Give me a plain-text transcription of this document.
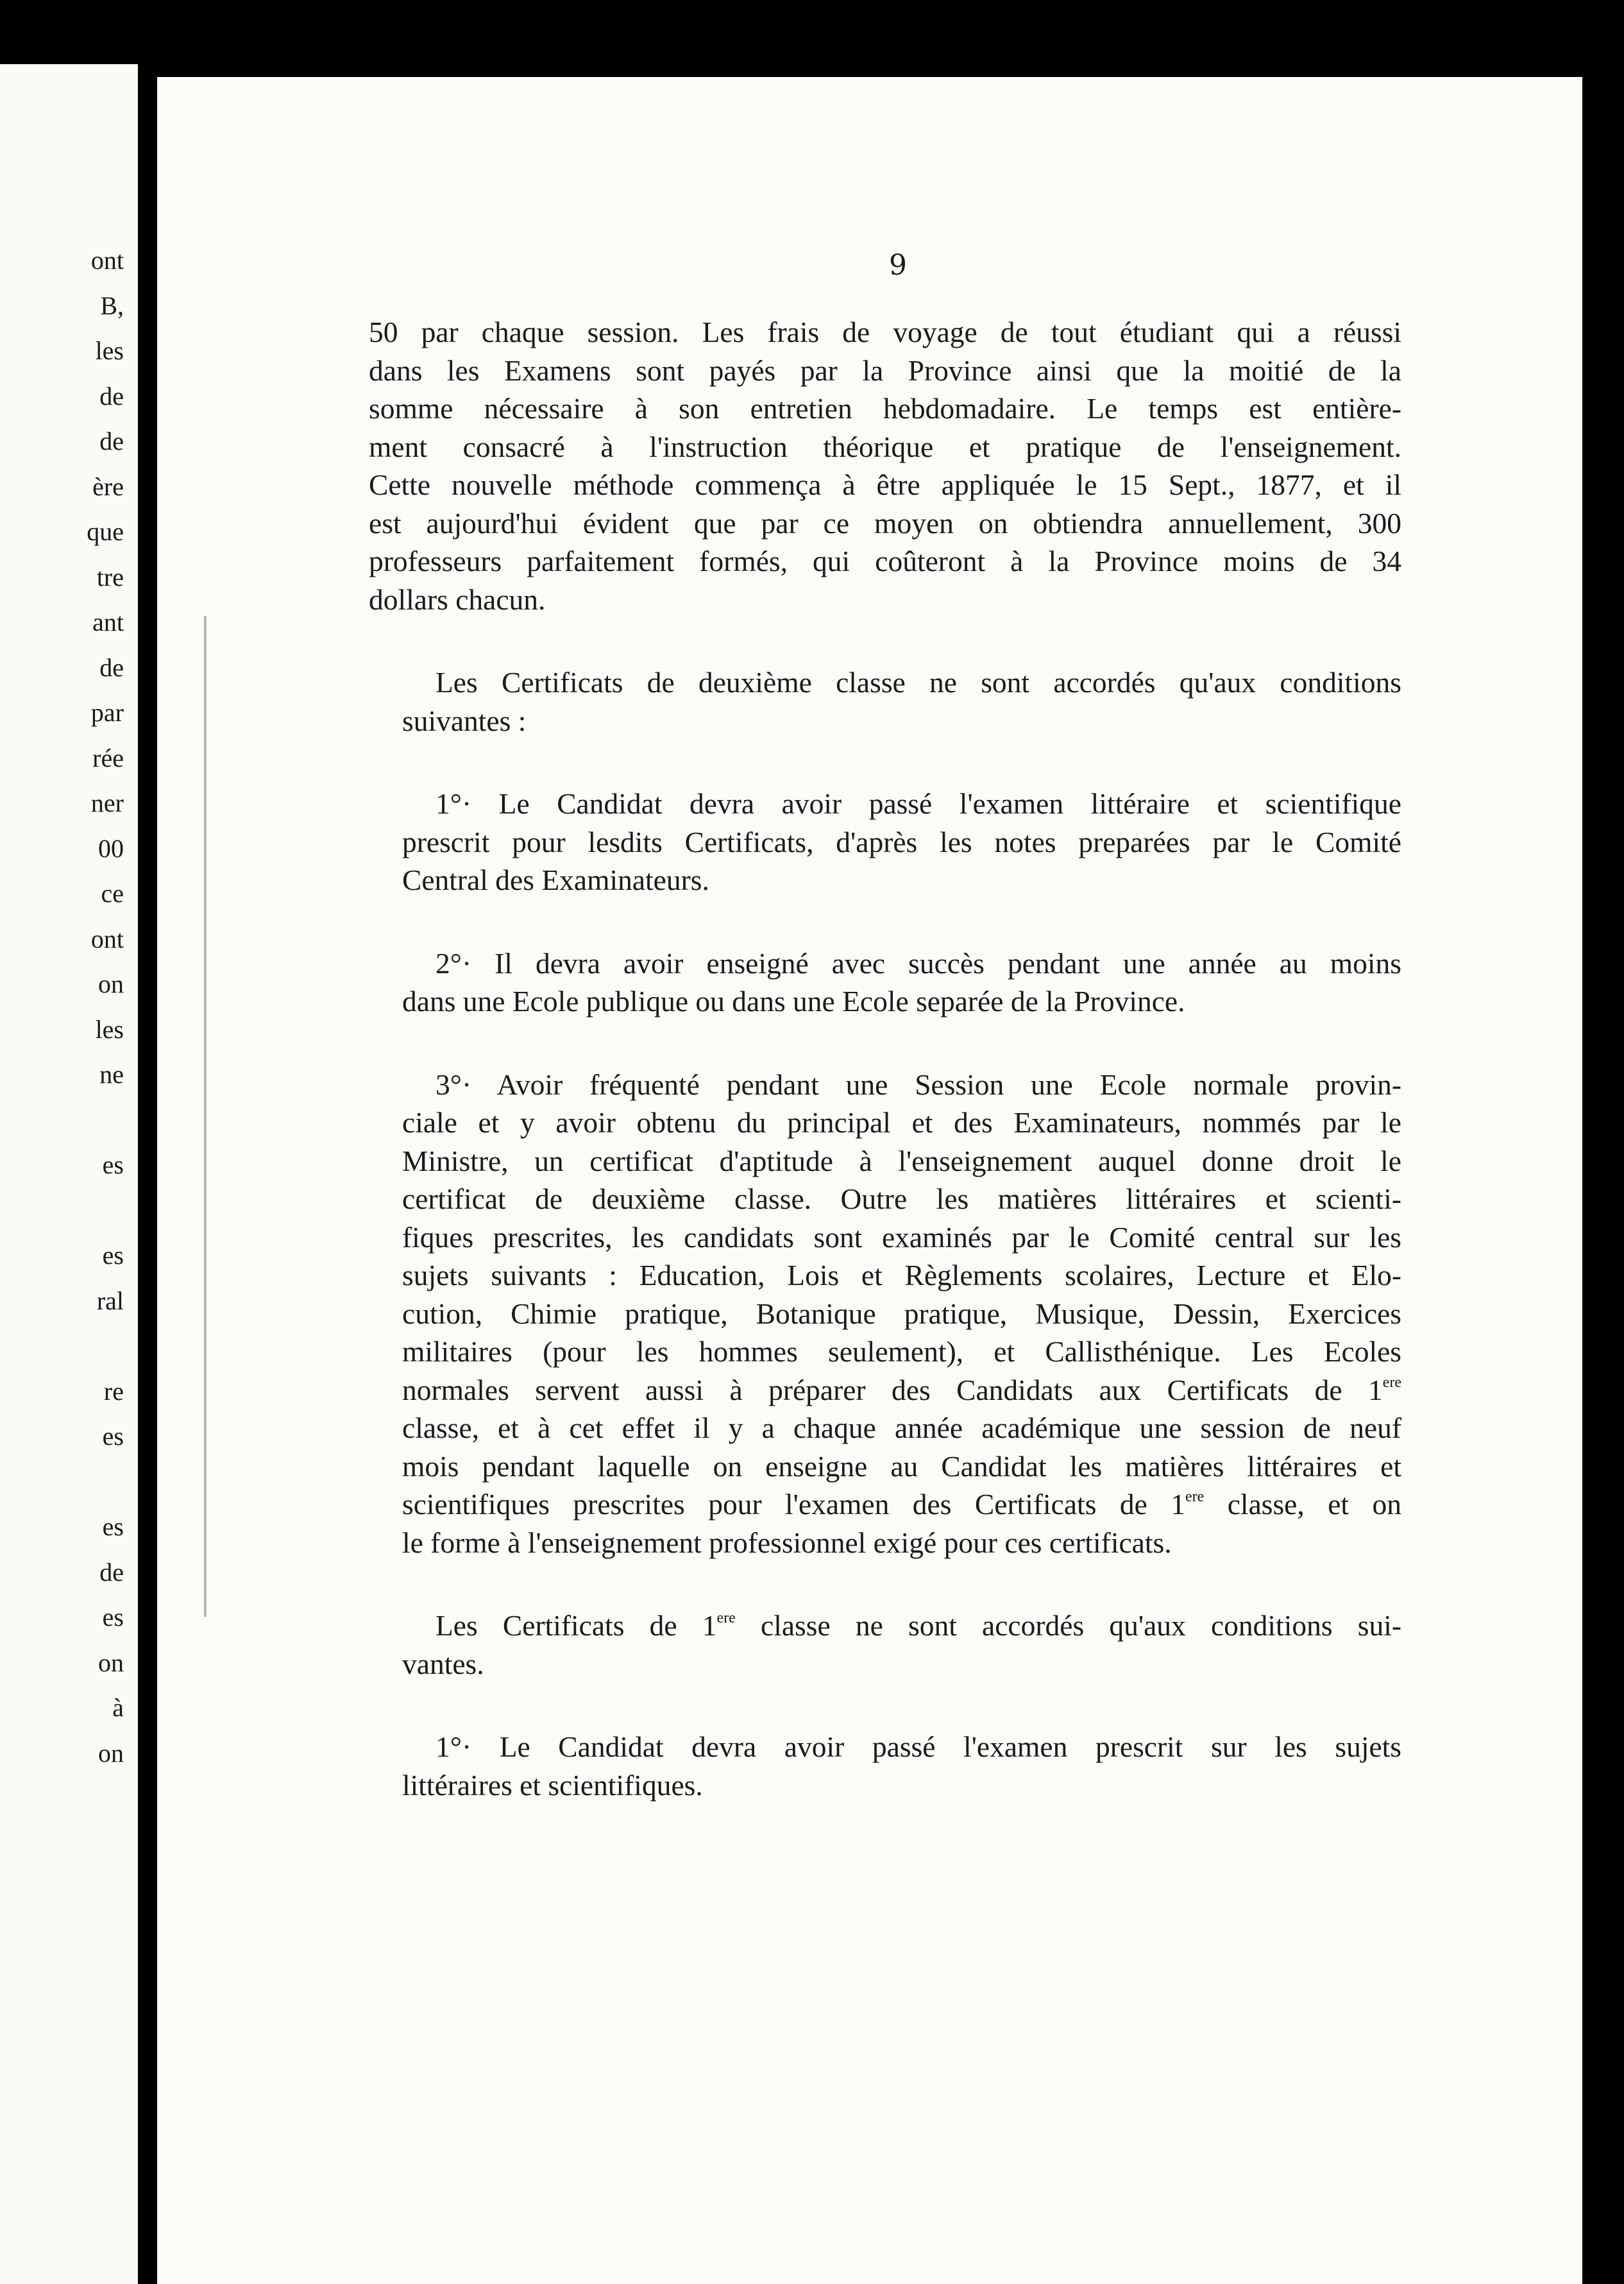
ont
B,
les
de
de
ère
que
tre
ant
de
par
rée
ner
00
ce
ont
on
les
ne
es
es
ral
re
es
es
de
es
on
à
on
9
50 par chaque session. Les frais de voyage de tout étudiant qui a réussi
dans les Examens sont payés par la Province ainsi que la moitié de la
somme nécessaire à son entretien hebdomadaire. Le temps est entière-
ment consacré à l'instruction théorique et pratique de l'enseignement.
Cette nouvelle méthode commença à être appliquée le 15 Sept., 1877, et il
est aujourd'hui évident que par ce moyen on obtiendra annuellement, 300
professeurs parfaitement formés, qui coûteront à la Province moins de 34
dollars chacun.
Les Certificats de deuxième classe ne sont accordés qu'aux conditions
suivantes :
1°· Le Candidat devra avoir passé l'examen littéraire et scientifique
prescrit pour lesdits Certificats, d'après les notes preparées par le Comité
Central des Examinateurs.
2°· Il devra avoir enseigné avec succès pendant une année au moins
dans une Ecole publique ou dans une Ecole separée de la Province.
3°· Avoir fréquenté pendant une Session une Ecole normale provin-
ciale et y avoir obtenu du principal et des Examinateurs, nommés par le
Ministre, un certificat d'aptitude à l'enseignement auquel donne droit le
certificat de deuxième classe. Outre les matières littéraires et scienti-
fiques prescrites, les candidats sont examinés par le Comité central sur les
sujets suivants : Education, Lois et Règlements scolaires, Lecture et Elo-
cution, Chimie pratique, Botanique pratique, Musique, Dessin, Exercices
militaires (pour les hommes seulement), et Callisthénique. Les Ecoles
normales servent aussi à préparer des Candidats aux Certificats de 1ere
classe, et à cet effet il y a chaque année académique une session de neuf
mois pendant laquelle on enseigne au Candidat les matières littéraires et
scientifiques prescrites pour l'examen des Certificats de 1ere classe, et on
le forme à l'enseignement professionnel exigé pour ces certificats.
Les Certificats de 1ere classe ne sont accordés qu'aux conditions sui-
vantes.
1°· Le Candidat devra avoir passé l'examen prescrit sur les sujets
littéraires et scientifiques.
